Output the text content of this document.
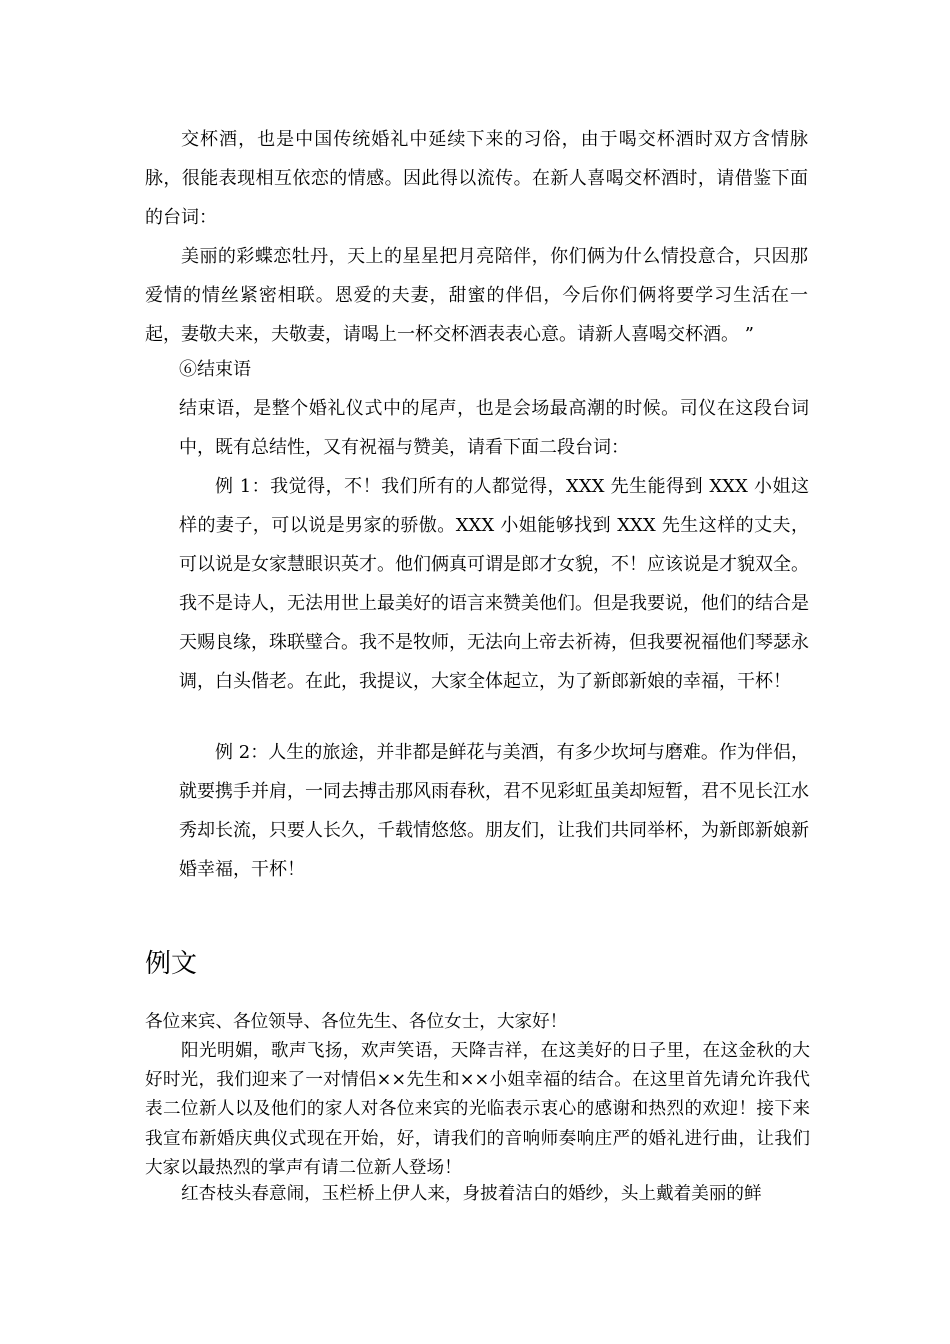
交杯酒，也是中国传统婚礼中延续下来的习俗，由于喝交杯酒时双方含情脉脉，很能表现相互依恋的情感。因此得以流传。在新人喜喝交杯酒时，请借鉴下面的台词：

美丽的彩蝶恋牡丹，天上的星星把月亮陪伴，你们俩为什么情投意合，只因那爱情的情丝紧密相联。恩爱的夫妻，甜蜜的伴侣，今后你们俩将要学习生活在一起，妻敬夫来，夫敬妻，请喝上一杯交杯酒表表心意。请新人喜喝交杯酒。 ”

⑥结束语

结束语，是整个婚礼仪式中的尾声，也是会场最高潮的时候。司仪在这段台词中，既有总结性，又有祝福与赞美，请看下面二段台词：

例 1：我觉得，不！我们所有的人都觉得，XXX 先生能得到 XXX 小姐这样的妻子，可以说是男家的骄傲。XXX 小姐能够找到 XXX 先生这样的丈夫，可以说是女家慧眼识英才。他们俩真可谓是郎才女貌，不！应该说是才貌双全。我不是诗人，无法用世上最美好的语言来赞美他们。但是我要说，他们的结合是天赐良缘，珠联璧合。我不是牧师，无法向上帝去祈祷，但我要祝福他们琴瑟永调，白头偕老。在此，我提议，大家全体起立，为了新郎新娘的幸福，干杯！

例 2：人生的旅途，并非都是鲜花与美酒，有多少坎坷与磨难。作为伴侣，就要携手并肩，一同去搏击那风雨春秋，君不见彩虹虽美却短暂，君不见长江水秀却长流，只要人长久，千载情悠悠。朋友们，让我们共同举杯，为新郎新娘新婚幸福，干杯！

例文

各位来宾、各位领导、各位先生、各位女士，大家好！

阳光明媚，歌声飞扬，欢声笑语，天降吉祥，在这美好的日子里，在这金秋的大好时光，我们迎来了一对情侣××先生和××小姐幸福的结合。在这里首先请允许我代表二位新人以及他们的家人对各位来宾的光临表示衷心的感谢和热烈的欢迎！接下来我宣布新婚庆典仪式现在开始，好，请我们的音响师奏响庄严的婚礼进行曲，让我们大家以最热烈的掌声有请二位新人登场！

红杏枝头春意闹，玉栏桥上伊人来，身披着洁白的婚纱，头上戴着美丽的鲜
